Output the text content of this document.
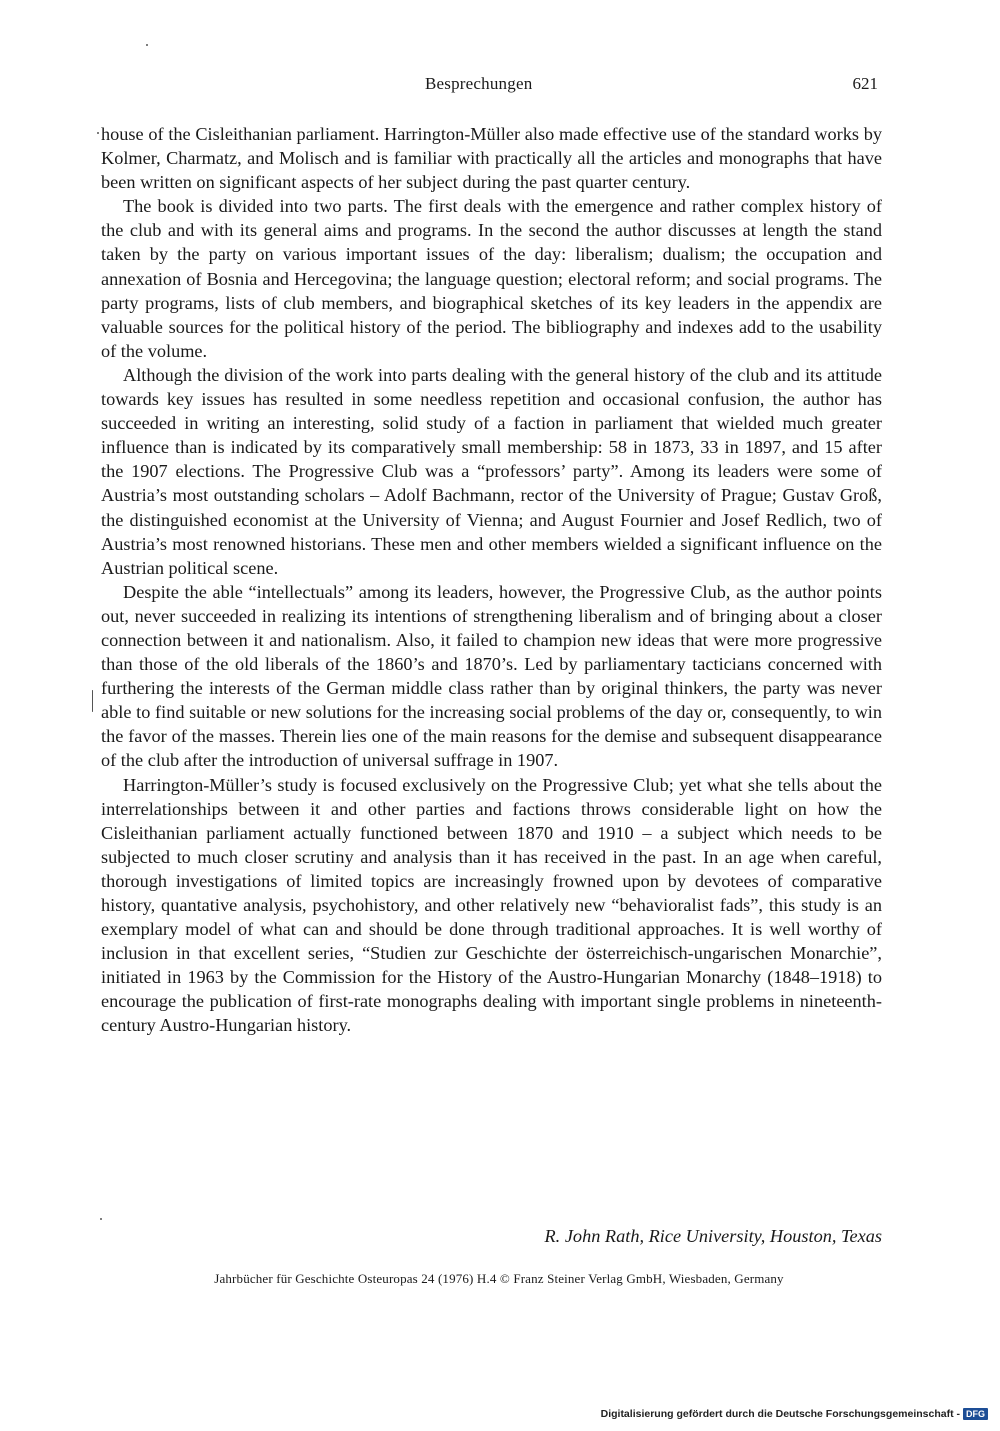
Besprechungen	621

house of the Cisleithanian parliament. Harrington-Müller also made effective use of the standard works by Kolmer, Charmatz, and Molisch and is familiar with practically all the articles and monographs that have been written on significant aspects of her subject during the past quarter century.

The book is divided into two parts. The first deals with the emergence and rather complex history of the club and with its general aims and programs. In the second the author discusses at length the stand taken by the party on various important issues of the day: liberalism; dualism; the occupation and annexation of Bosnia and Hercegovina; the language question; electoral reform; and social programs. The party programs, lists of club members, and biographical sketches of its key leaders in the appendix are valuable sources for the political history of the period. The bibliography and indexes add to the usability of the volume.

Although the division of the work into parts dealing with the general history of the club and its attitude towards key issues has resulted in some needless repetition and occasional confusion, the author has succeeded in writing an interesting, solid study of a faction in parliament that wielded much greater influence than is indicated by its comparatively small membership: 58 in 1873, 33 in 1897, and 15 after the 1907 elections. The Progressive Club was a “professors’ party”. Among its leaders were some of Austria’s most outstanding scholars – Adolf Bachmann, rector of the University of Prague; Gustav Groß, the distinguished economist at the University of Vienna; and August Fournier and Josef Redlich, two of Austria’s most renowned historians. These men and other members wielded a significant influence on the Austrian political scene.

Despite the able “intellectuals” among its leaders, however, the Progressive Club, as the author points out, never succeeded in realizing its intentions of strengthening liberalism and of bringing about a closer connection between it and nationalism. Also, it failed to champion new ideas that were more progressive than those of the old liberals of the 1860’s and 1870’s. Led by parliamentary tacticians concerned with furthering the interests of the German middle class rather than by original thinkers, the party was never able to find suitable or new solutions for the increasing social problems of the day or, consequently, to win the favor of the masses. Therein lies one of the main reasons for the demise and subsequent disappearance of the club after the introduction of universal suffrage in 1907.

Harrington-Müller’s study is focused exclusively on the Progressive Club; yet what she tells about the interrelationships between it and other parties and factions throws considerable light on how the Cisleithanian parliament actually functioned between 1870 and 1910 – a subject which needs to be subjected to much closer scrutiny and analysis than it has received in the past. In an age when careful, thorough investigations of limited topics are increasingly frowned upon by devotees of comparative history, quantative analysis, psychohistory, and other relatively new “behavioralist fads”, this study is an exemplary model of what can and should be done through traditional approaches. It is well worthy of inclusion in that excellent series, “Studien zur Geschichte der österreichisch-ungarischen Monarchie”, initiated in 1963 by the Commission for the History of the Austro-Hungarian Monarchy (1848–1918) to encourage the publication of first-rate monographs dealing with important single problems in nineteenth-century Austro-Hungarian history.

R. John Rath, Rice University, Houston, Texas
Jahrbücher für Geschichte Osteuropas 24 (1976) H.4 © Franz Steiner Verlag GmbH, Wiesbaden, Germany
Digitalisierung gefördert durch die Deutsche Forschungsgemeinschaft - DFG
